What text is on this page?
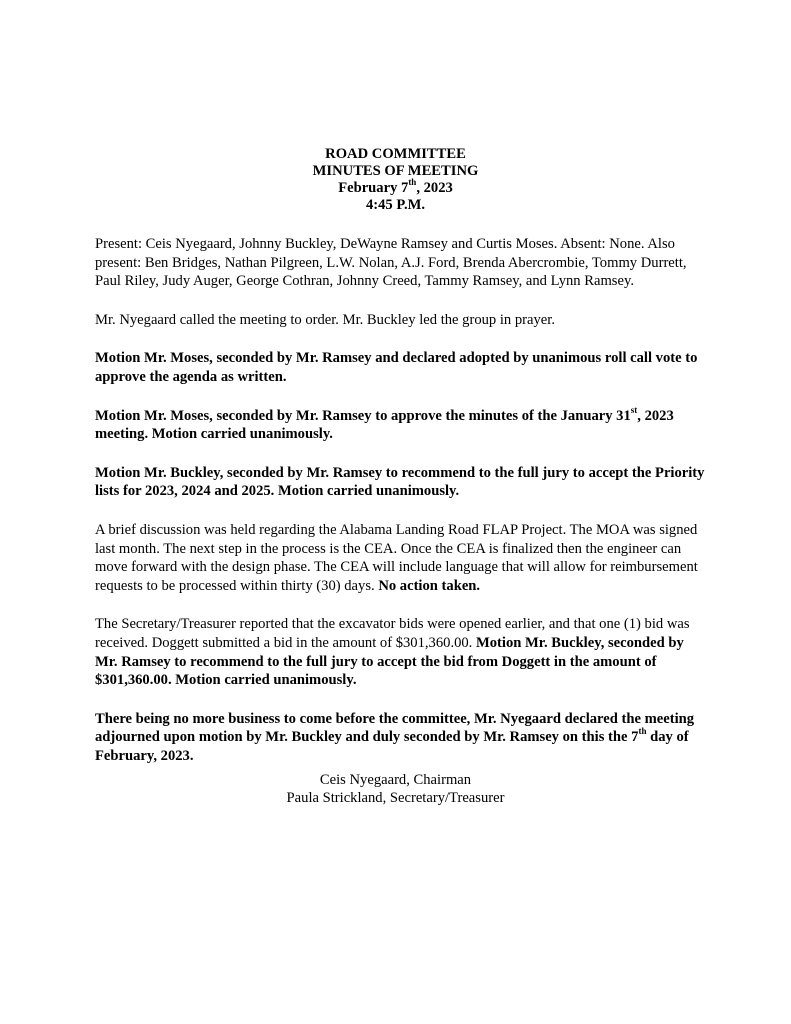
ROAD COMMITTEE
MINUTES OF MEETING
February 7th, 2023
4:45 P.M.

Present: Ceis Nyegaard, Johnny Buckley, DeWayne Ramsey and Curtis Moses. Absent: None. Also present: Ben Bridges, Nathan Pilgreen, L.W. Nolan, A.J. Ford, Brenda Abercrombie, Tommy Durrett, Paul Riley, Judy Auger, George Cothran, Johnny Creed, Tammy Ramsey, and Lynn Ramsey.

Mr. Nyegaard called the meeting to order. Mr. Buckley led the group in prayer.

Motion Mr. Moses, seconded by Mr. Ramsey and declared adopted by unanimous roll call vote to approve the agenda as written.

Motion Mr. Moses, seconded by Mr. Ramsey to approve the minutes of the January 31st, 2023 meeting. Motion carried unanimously.

Motion Mr. Buckley, seconded by Mr. Ramsey to recommend to the full jury to accept the Priority lists for 2023, 2024 and 2025. Motion carried unanimously.

A brief discussion was held regarding the Alabama Landing Road FLAP Project. The MOA was signed last month. The next step in the process is the CEA. Once the CEA is finalized then the engineer can move forward with the design phase. The CEA will include language that will allow for reimbursement requests to be processed within thirty (30) days. No action taken.

The Secretary/Treasurer reported that the excavator bids were opened earlier, and that one (1) bid was received. Doggett submitted a bid in the amount of $301,360.00. Motion Mr. Buckley, seconded by Mr. Ramsey to recommend to the full jury to accept the bid from Doggett in the amount of $301,360.00. Motion carried unanimously.

There being no more business to come before the committee, Mr. Nyegaard declared the meeting adjourned upon motion by Mr. Buckley and duly seconded by Mr. Ramsey on this the 7th day of February, 2023.

Ceis Nyegaard, Chairman
Paula Strickland, Secretary/Treasurer
